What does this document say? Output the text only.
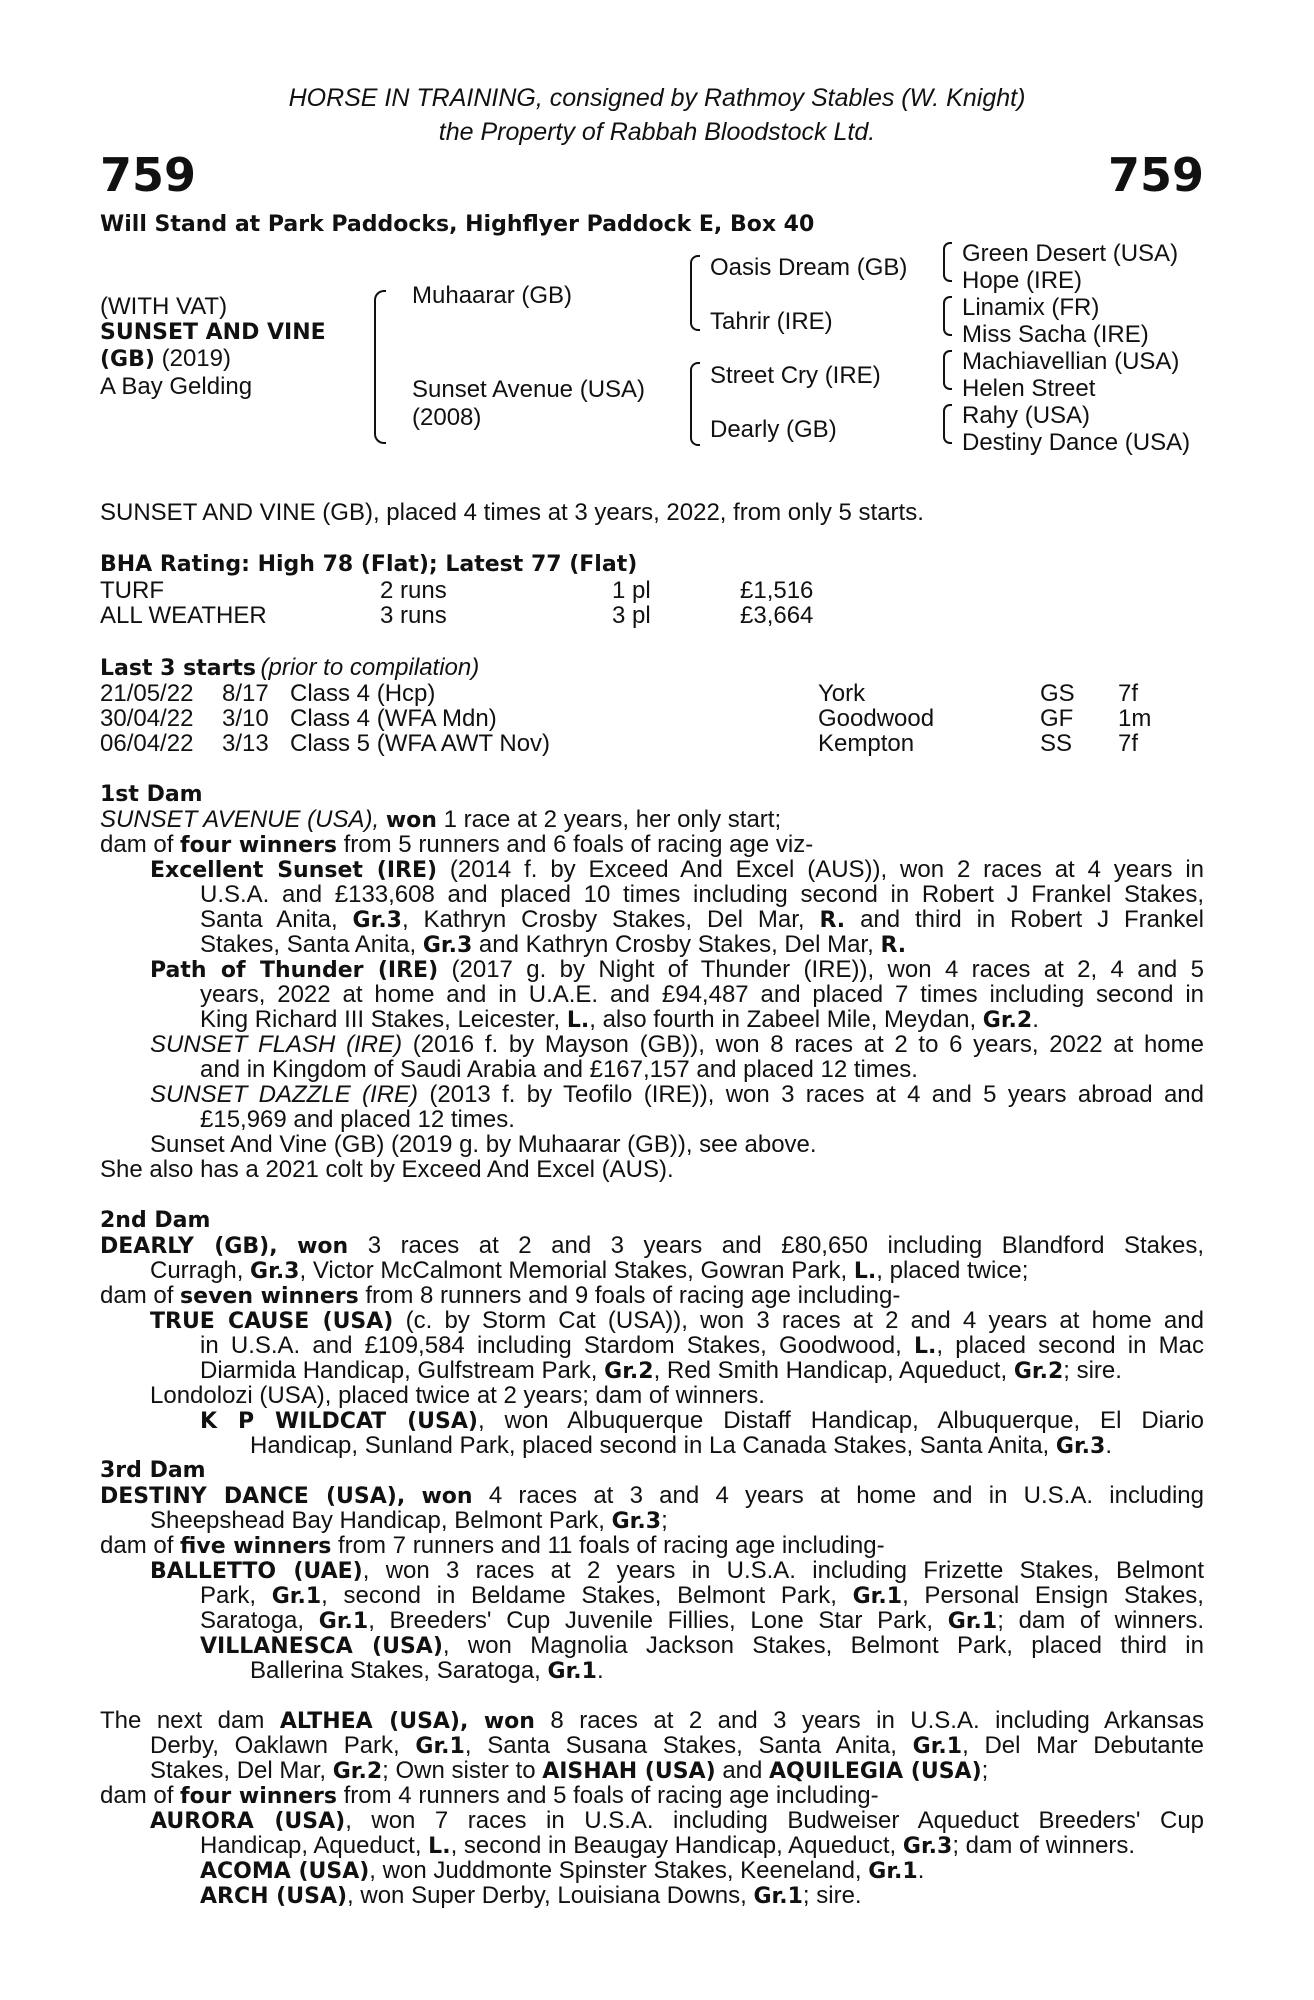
HORSE IN TRAINING, consigned by Rathmoy Stables (W. Knight)
the Property of Rabbah Bloodstock Ltd.
759	759
Will Stand at Park Paddocks, Highflyer Paddock E, Box 40
(WITH VAT)
SUNSET AND VINE
(GB) (2019)
A Bay Gelding
Muhaarar (GB)
Sunset Avenue (USA)
(2008)
Oasis Dream (GB)
Tahrir (IRE)
Street Cry (IRE)
Dearly (GB)
Green Desert (USA)
Hope (IRE)
Linamix (FR)
Miss Sacha (IRE)
Machiavellian (USA)
Helen Street
Rahy (USA)
Destiny Dance (USA)
SUNSET AND VINE (GB), placed 4 times at 3 years, 2022, from only 5 starts.
BHA Rating: High 78 (Flat); Latest 77 (Flat)
TURF	2 runs	1 pl	£1,516
ALL WEATHER	3 runs	3 pl	£3,664
Last 3 starts (prior to compilation)
21/05/22 8/17 Class 4 (Hcp)	York	GS 7f
30/04/22 3/10 Class 4 (WFA Mdn)	Goodwood	GF 1m
06/04/22 3/13 Class 5 (WFA AWT Nov)	Kempton	SS 7f
1st Dam
SUNSET AVENUE (USA), won 1 race at 2 years, her only start;
dam of four winners from 5 runners and 6 foals of racing age viz-
Excellent Sunset (IRE) (2014 f. by Exceed And Excel (AUS)), won 2 races at 4 years in
U.S.A. and £133,608 and placed 10 times including second in Robert J Frankel Stakes,
Santa Anita, Gr.3, Kathryn Crosby Stakes, Del Mar, R. and third in Robert J Frankel
Stakes, Santa Anita, Gr.3 and Kathryn Crosby Stakes, Del Mar, R.
Path of Thunder (IRE) (2017 g. by Night of Thunder (IRE)), won 4 races at 2, 4 and 5
years, 2022 at home and in U.A.E. and £94,487 and placed 7 times including second in
King Richard III Stakes, Leicester, L., also fourth in Zabeel Mile, Meydan, Gr.2.
SUNSET FLASH (IRE) (2016 f. by Mayson (GB)), won 8 races at 2 to 6 years, 2022 at home
and in Kingdom of Saudi Arabia and £167,157 and placed 12 times.
SUNSET DAZZLE (IRE) (2013 f. by Teofilo (IRE)), won 3 races at 4 and 5 years abroad and
£15,969 and placed 12 times.
Sunset And Vine (GB) (2019 g. by Muhaarar (GB)), see above.
She also has a 2021 colt by Exceed And Excel (AUS).
2nd Dam
DEARLY (GB), won 3 races at 2 and 3 years and £80,650 including Blandford Stakes,
Curragh, Gr.3, Victor McCalmont Memorial Stakes, Gowran Park, L., placed twice;
dam of seven winners from 8 runners and 9 foals of racing age including-
TRUE CAUSE (USA) (c. by Storm Cat (USA)), won 3 races at 2 and 4 years at home and
in U.S.A. and £109,584 including Stardom Stakes, Goodwood, L., placed second in Mac
Diarmida Handicap, Gulfstream Park, Gr.2, Red Smith Handicap, Aqueduct, Gr.2; sire.
Londolozi (USA), placed twice at 2 years; dam of winners.
K P WILDCAT (USA), won Albuquerque Distaff Handicap, Albuquerque, El Diario
Handicap, Sunland Park, placed second in La Canada Stakes, Santa Anita, Gr.3.
3rd Dam
DESTINY DANCE (USA), won 4 races at 3 and 4 years at home and in U.S.A. including
Sheepshead Bay Handicap, Belmont Park, Gr.3;
dam of five winners from 7 runners and 11 foals of racing age including-
BALLETTO (UAE), won 3 races at 2 years in U.S.A. including Frizette Stakes, Belmont
Park, Gr.1, second in Beldame Stakes, Belmont Park, Gr.1, Personal Ensign Stakes,
Saratoga, Gr.1, Breeders' Cup Juvenile Fillies, Lone Star Park, Gr.1; dam of winners.
VILLANESCA (USA), won Magnolia Jackson Stakes, Belmont Park, placed third in
Ballerina Stakes, Saratoga, Gr.1.
The next dam ALTHEA (USA), won 8 races at 2 and 3 years in U.S.A. including Arkansas
Derby, Oaklawn Park, Gr.1, Santa Susana Stakes, Santa Anita, Gr.1, Del Mar Debutante
Stakes, Del Mar, Gr.2; Own sister to AISHAH (USA) and AQUILEGIA (USA);
dam of four winners from 4 runners and 5 foals of racing age including-
AURORA (USA), won 7 races in U.S.A. including Budweiser Aqueduct Breeders' Cup
Handicap, Aqueduct, L., second in Beaugay Handicap, Aqueduct, Gr.3; dam of winners.
ACOMA (USA), won Juddmonte Spinster Stakes, Keeneland, Gr.1.
ARCH (USA), won Super Derby, Louisiana Downs, Gr.1; sire.
